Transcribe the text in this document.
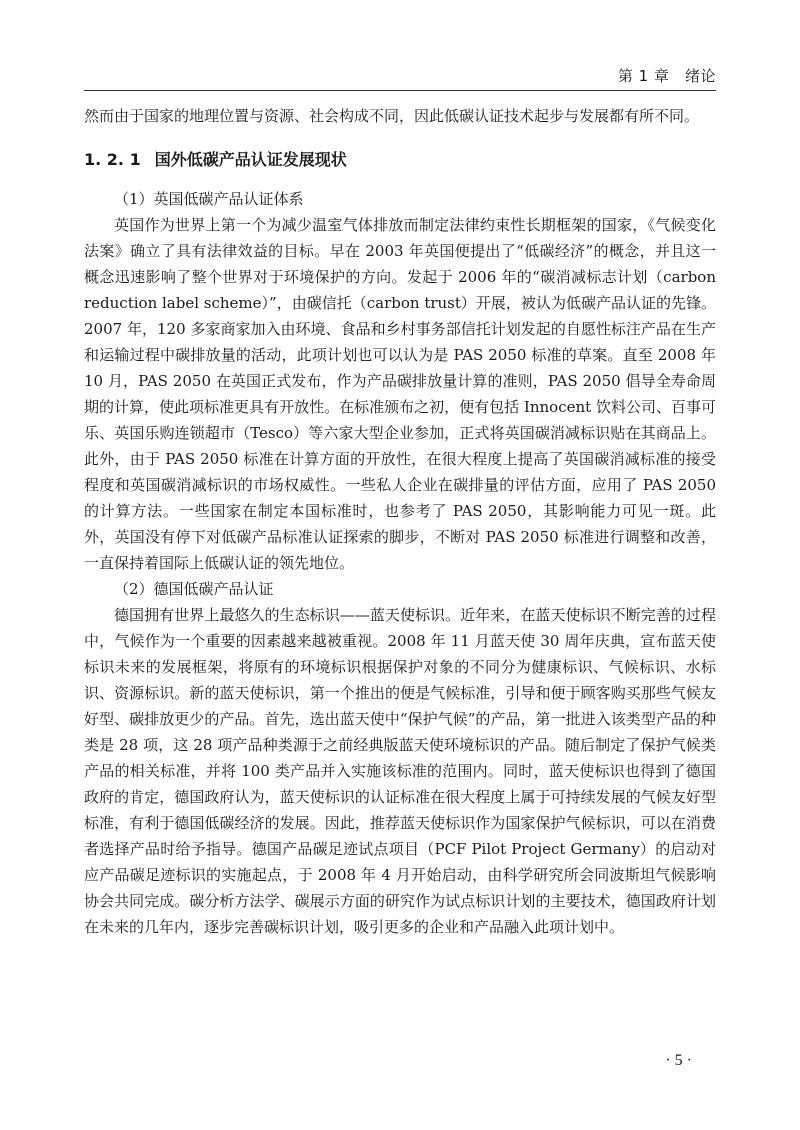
第 1 章　绪论

然而由于国家的地理位置与资源、社会构成不同，因此低碳认证技术起步与发展都有所不同。

1. 2. 1 国外低碳产品认证发展现状

（1）英国低碳产品认证体系

英国作为世界上第一个为减少温室气体排放而制定法律约束性长期框架的国家，《气候变化法案》确立了具有法律效益的目标。早在 2003 年英国便提出了“低碳经济”的概念，并且这一概念迅速影响了整个世界对于环境保护的方向。发起于 2006 年的“碳消减标志计划（carbon reduction label scheme）”，由碳信托（carbon trust）开展，被认为低碳产品认证的先锋。2007 年，120 多家商家加入由环境、食品和乡村事务部信托计划发起的自愿性标注产品在生产和运输过程中碳排放量的活动，此项计划也可以认为是 PAS 2050 标准的草案。直至 2008 年 10 月，PAS 2050 在英国正式发布，作为产品碳排放量计算的准则，PAS 2050 倡导全寿命周期的计算，使此项标准更具有开放性。在标准颁布之初，便有包括 Innocent 饮料公司、百事可乐、英国乐购连锁超市（Tesco）等六家大型企业参加，正式将英国碳消减标识贴在其商品上。此外，由于 PAS 2050 标准在计算方面的开放性，在很大程度上提高了英国碳消减标准的接受程度和英国碳消减标识的市场权威性。一些私人企业在碳排量的评估方面，应用了 PAS 2050 的计算方法。一些国家在制定本国标准时，也参考了 PAS 2050，其影响能力可见一斑。此外，英国没有停下对低碳产品标准认证探索的脚步，不断对 PAS 2050 标准进行调整和改善，一直保持着国际上低碳认证的领先地位。

（2）德国低碳产品认证

德国拥有世界上最悠久的生态标识——蓝天使标识。近年来，在蓝天使标识不断完善的过程中，气候作为一个重要的因素越来越被重视。2008 年 11 月蓝天使 30 周年庆典，宣布蓝天使标识未来的发展框架，将原有的环境标识根据保护对象的不同分为健康标识、气候标识、水标识、资源标识。新的蓝天使标识，第一个推出的便是气候标准，引导和便于顾客购买那些气候友好型、碳排放更少的产品。首先，选出蓝天使中“保护气候”的产品，第一批进入该类型产品的种类是 28 项，这 28 项产品种类源于之前经典版蓝天使环境标识的产品。随后制定了保护气候类产品的相关标准，并将 100 类产品并入实施该标准的范围内。同时，蓝天使标识也得到了德国政府的肯定，德国政府认为，蓝天使标识的认证标准在很大程度上属于可持续发展的气候友好型标准，有利于德国低碳经济的发展。因此，推荐蓝天使标识作为国家保护气候标识，可以在消费者选择产品时给予指导。德国产品碳足迹试点项目（PCF Pilot Project Germany）的启动对应产品碳足迹标识的实施起点，于 2008 年 4 月开始启动，由科学研究所会同波斯坦气候影响协会共同完成。碳分析方法学、碳展示方面的研究作为试点标识计划的主要技术，德国政府计划在未来的几年内，逐步完善碳标识计划，吸引更多的企业和产品融入此项计划中。

· 5 ·
